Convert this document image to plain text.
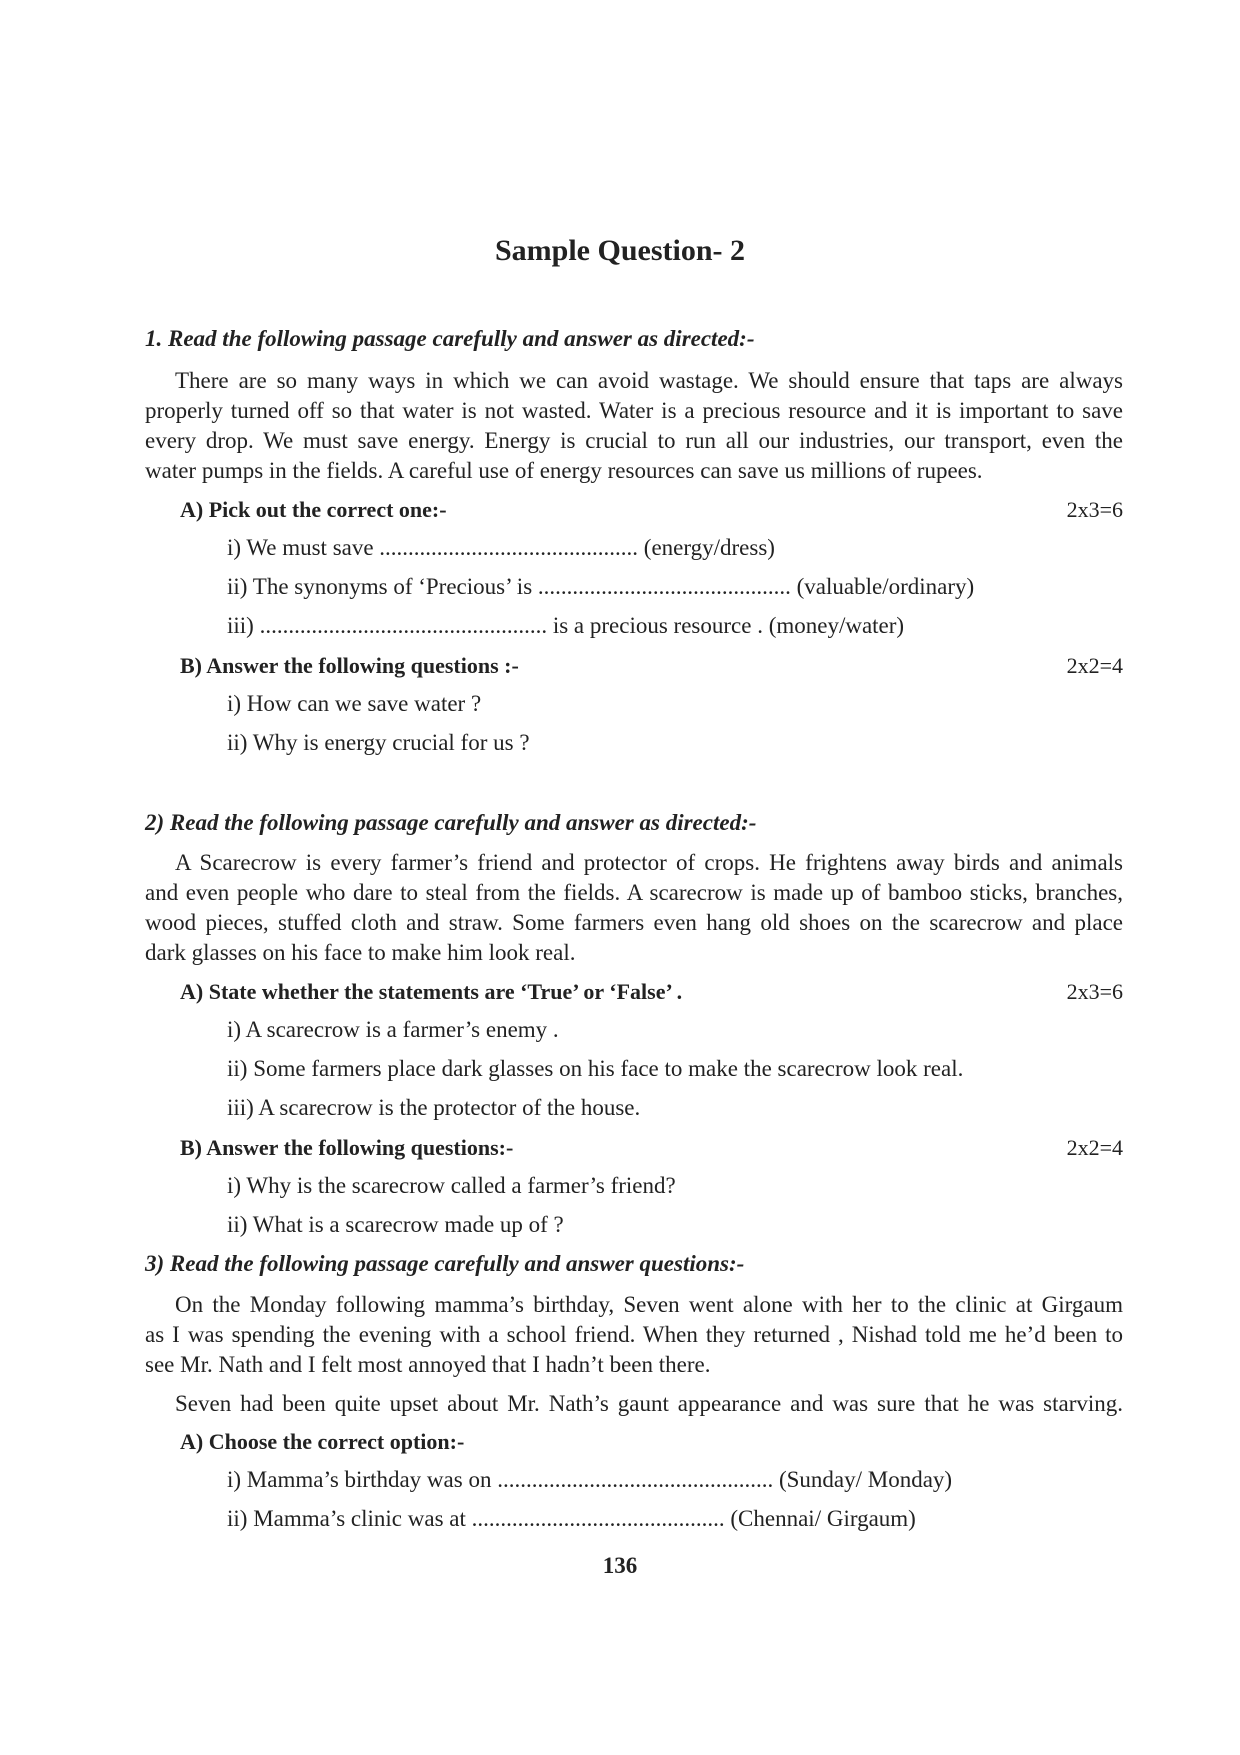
Sample Question- 2
1. Read the following passage carefully and answer as directed:-
There are so many ways in which we can avoid wastage. We should ensure that taps are always
properly turned off so that water is not wasted. Water is a precious resource and it is important to save
every drop. We must save energy. Energy is crucial to run all our industries, our transport, even the
water pumps in the fields. A careful use of energy resources can save us millions of rupees.
A) Pick out the correct one:-	2x3=6
i) We must save ............................................. (energy/dress)
ii) The synonyms of ‘Precious’ is ............................................ (valuable/ordinary)
iii) .................................................. is a precious resource . (money/water)
B) Answer the following questions :-	2x2=4
i) How can we save water ?
ii) Why is energy crucial for us ?
2) Read the following passage carefully and answer as directed:-
A Scarecrow is every farmer’s friend and protector of crops. He frightens away birds and animals
and even people who dare to steal from the fields. A scarecrow is made up of bamboo sticks, branches,
wood pieces, stuffed cloth and straw. Some farmers even hang old shoes on the scarecrow and place
dark glasses on his face to make him look real.
A) State whether the statements are ‘True’ or ‘False’ .	2x3=6
i) A scarecrow is a farmer’s enemy .
ii) Some farmers place dark glasses on his face to make the scarecrow look real.
iii) A scarecrow is the protector of the house.
B) Answer the following questions:-	2x2=4
i) Why is the scarecrow called a farmer’s friend?
ii) What is a scarecrow made up of ?
3) Read the following passage carefully and answer questions:-
On the Monday following mamma’s birthday, Seven went alone with her to the clinic at Girgaum
as I was spending the evening with a school friend. When they returned , Nishad told me he’d been to
see Mr. Nath and I felt most annoyed that I hadn’t been there.
Seven had been quite upset about Mr. Nath’s gaunt appearance and was sure that he was starving.
A) Choose the correct option:-
i) Mamma’s birthday was on ................................................ (Sunday/ Monday)
ii) Mamma’s clinic was at ............................................ (Chennai/ Girgaum)
136
